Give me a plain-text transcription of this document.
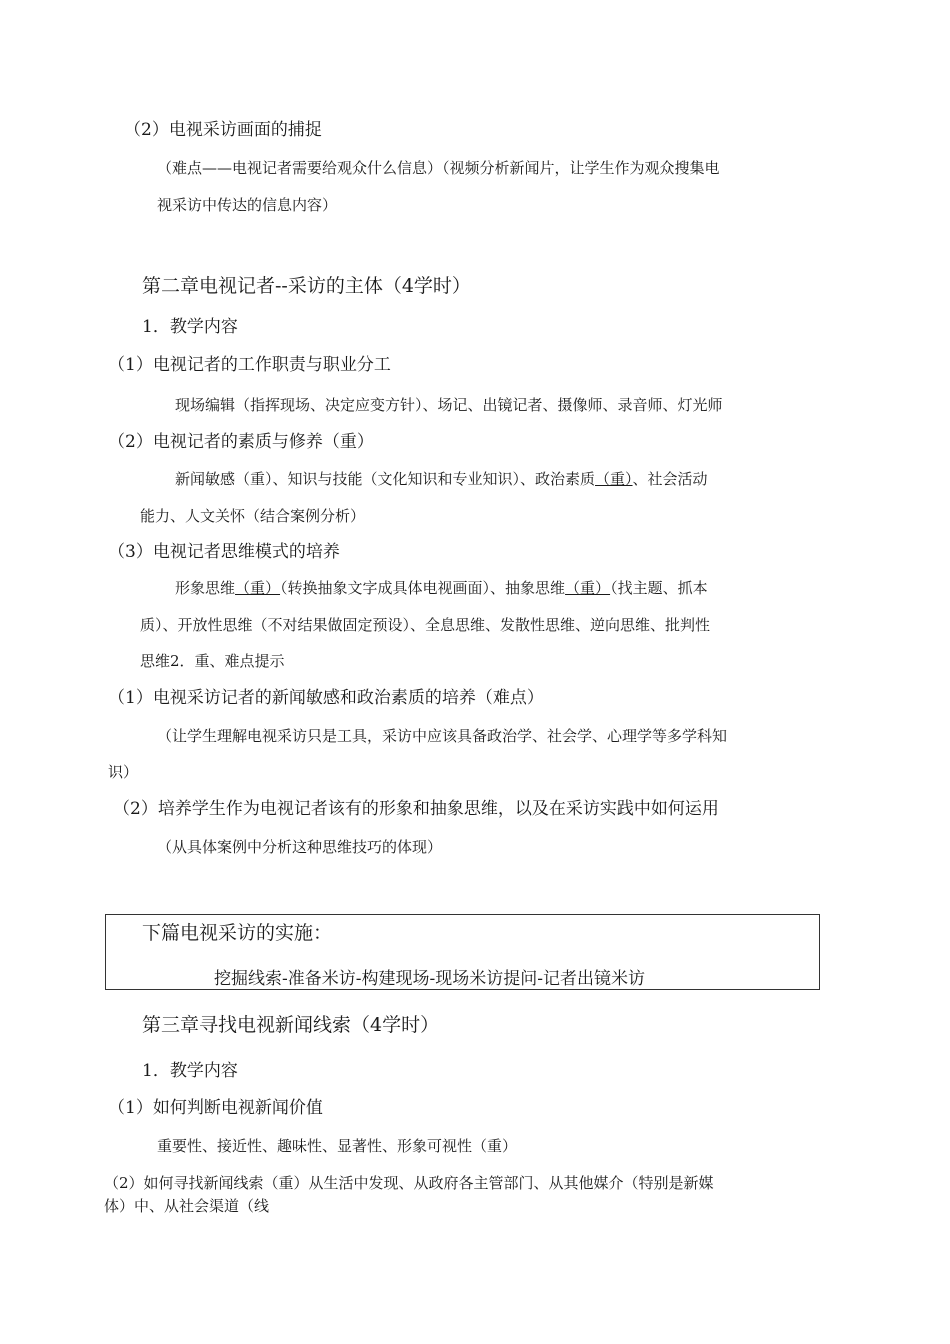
（2）电视采访画面的捕捉

（难点——电视记者需要给观众什么信息）（视频分析新闻片，让学生作为观众搜集电

视采访中传达的信息内容）

第二章电视记者--采访的主体（4学时）

1．教学内容

（1）电视记者的工作职责与职业分工

现场编辑（指挥现场、决定应变方针）、场记、出镜记者、摄像师、录音师、灯光师

（2）电视记者的素质与修养（重）

新闻敏感（重）、知识与技能（文化知识和专业知识）、政治素质（重）、社会活动

能力、人文关怀（结合案例分析）

（3）电视记者思维模式的培养

形象思维（重）（转换抽象文字成具体电视画面）、抽象思维（重）（找主题、抓本

质）、开放性思维（不对结果做固定预设）、全息思维、发散性思维、逆向思维、批判性

思维2．重、难点提示

（1）电视采访记者的新闻敏感和政治素质的培养（难点）

（让学生理解电视采访只是工具，采访中应该具备政治学、社会学、心理学等多学科知

识）

（2）培养学生作为电视记者该有的形象和抽象思维，以及在采访实践中如何运用

（从具体案例中分析这种思维技巧的体现）

下篇电视采访的实施：

挖掘线索-准备米访-构建现场-现场米访提问-记者出镜米访

第三章寻找电视新闻线索（4学时）

1．教学内容

（1）如何判断电视新闻价值

重要性、接近性、趣味性、显著性、形象可视性（重）

（2）如何寻找新闻线索（重）从生活中发现、从政府各主管部门、从其他媒介（特别是新媒

体）中、从社会渠道（线
